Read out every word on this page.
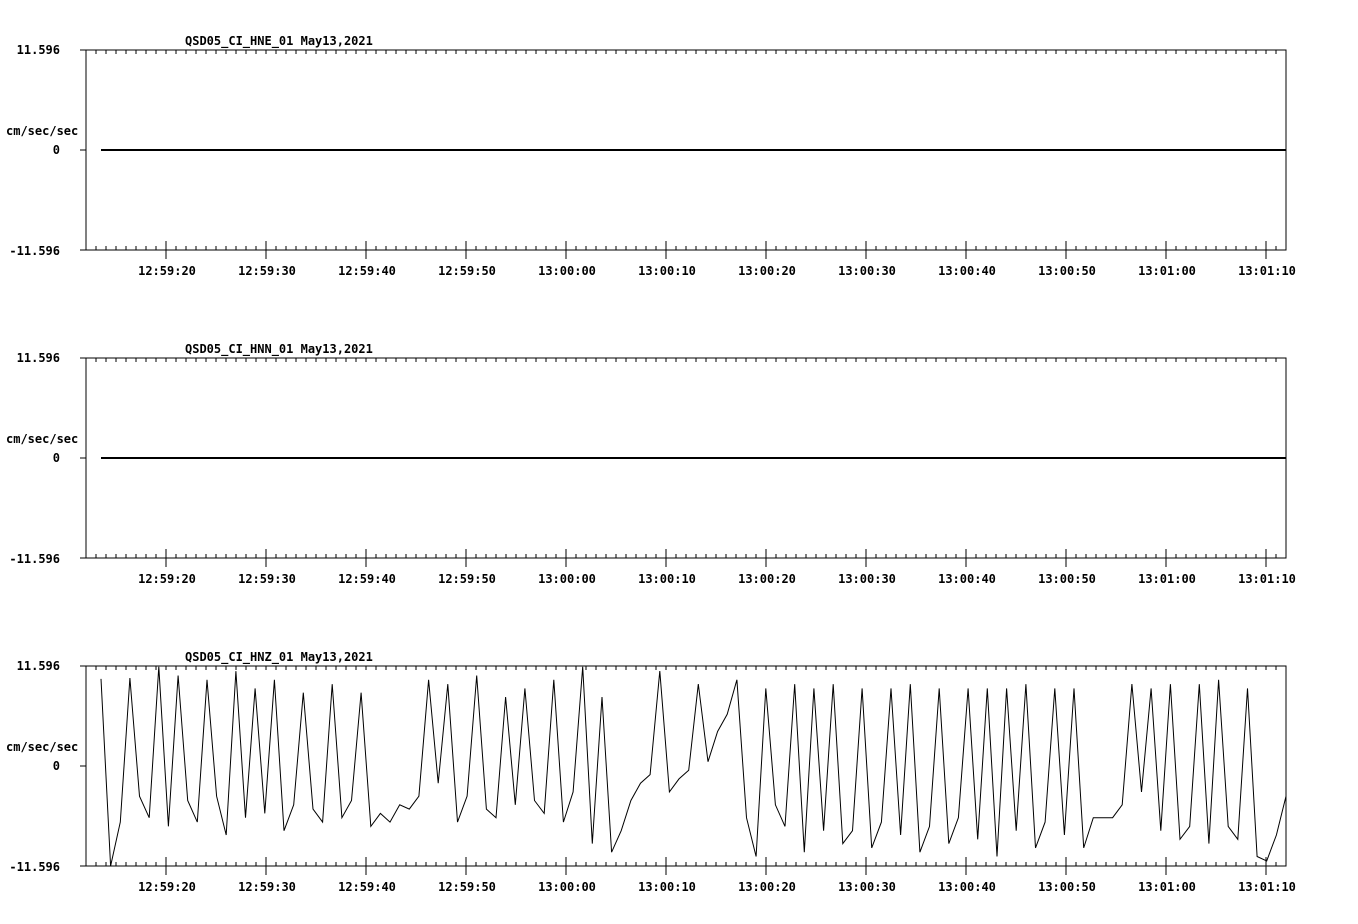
QSD05_CI_HNE_01 May13,2021
11.596
0
-11.596
cm/sec/sec
12:59:20	12:59:30	12:59:40	12:59:50	13:00:00	13:00:10	13:00:20	13:00:30	13:00:40	13:00:50	13:01:00	13:01:10
QSD05_CI_HNN_01 May13,2021
11.596
0
-11.596
cm/sec/sec
12:59:20	12:59:30	12:59:40	12:59:50	13:00:00	13:00:10	13:00:20	13:00:30	13:00:40	13:00:50	13:01:00	13:01:10
QSD05_CI_HNZ_01 May13,2021
11.596
0
-11.596
cm/sec/sec
12:59:20	12:59:30	12:59:40	12:59:50	13:00:00	13:00:10	13:00:20	13:00:30	13:00:40	13:00:50	13:01:00	13:01:10
